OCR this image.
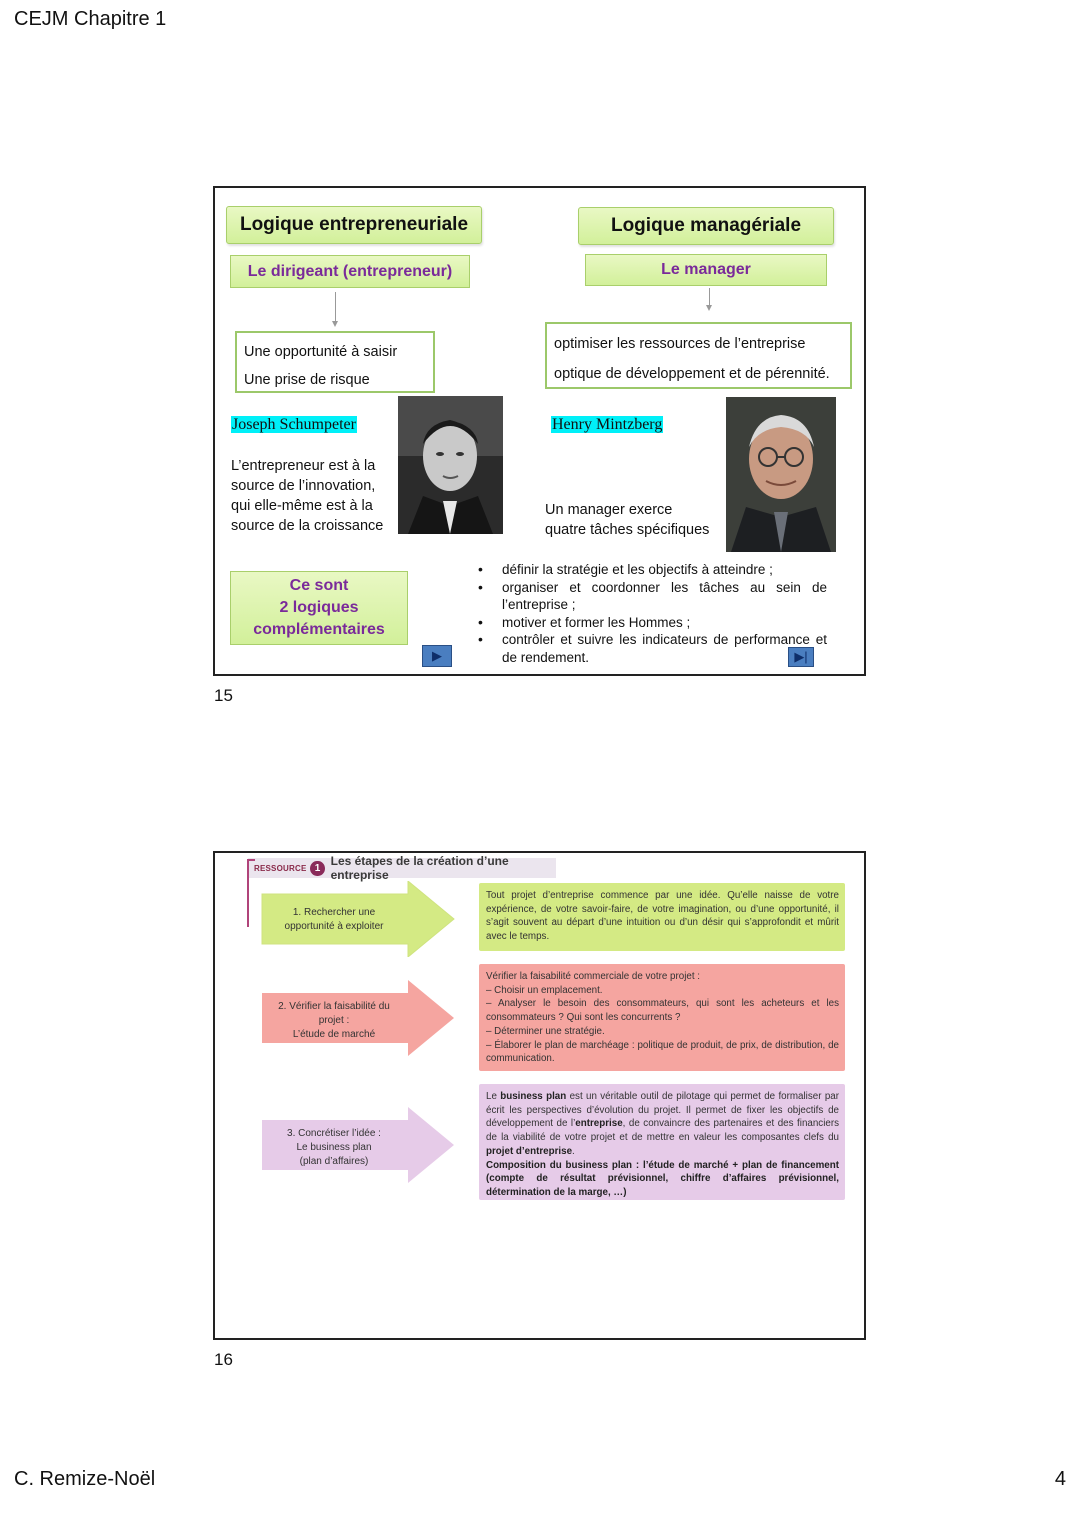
CEJM Chapitre 1
C. Remize-Noël	4
Logique entrepreneuriale
Le dirigeant (entrepreneur)
Une opportunité à saisir
Une prise de risque
Joseph Schumpeter
L’entrepreneur est à la
source de l’innovation,
qui elle-même est à la
source de la croissance
Ce sont
2 logiques
complémentaires
▶
Logique managériale
Le manager
optimiser les ressources de l’entreprise
optique de développement et de pérennité.
Henry Mintzberg
Un manager exerce
quatre tâches spécifiques
• définir la stratégie et les objectifs à atteindre ;
• organiser et coordonner les tâches au sein de l’entreprise ;
• motiver et former les Hommes ;
• contrôler et suivre les indicateurs de performance et de rendement.	▶|
15
RESSOURCE 1 Les étapes de la création d’une entreprise
1. Rechercher une
opportunité à exploiter
2. Vérifier la faisabilité du
projet :
L’étude de marché
3. Concrétiser l’idée :
Le business plan
(plan d’affaires)
Tout projet d’entreprise commence par une idée. Qu’elle naisse de votre expérience, de votre savoir-faire, de votre imagination, ou d’une opportunité, il s’agit souvent au départ d’une intuition ou d’un désir qui s’approfondit et mûrit avec le temps.
Vérifier la faisabilité commerciale de votre projet :
– Choisir un emplacement.
– Analyser le besoin des consommateurs, qui sont les acheteurs et les consommateurs ? Qui sont les concurrents ?
– Déterminer une stratégie.
– Élaborer le plan de marchéage : politique de produit, de prix, de distribution, de communication.
Le business plan est un véritable outil de pilotage qui permet de formaliser par écrit les perspectives d’évolution du projet. Il permet de fixer les objectifs de développement de l’entreprise, de convaincre des partenaires et des financiers de la viabilité de votre projet et de mettre en valeur les composantes clefs du projet d’entreprise.
Composition du business plan : l’étude de marché + plan de financement (compte de résultat prévisionnel, chiffre d’affaires prévisionnel, détermination de la marge, …)
16
